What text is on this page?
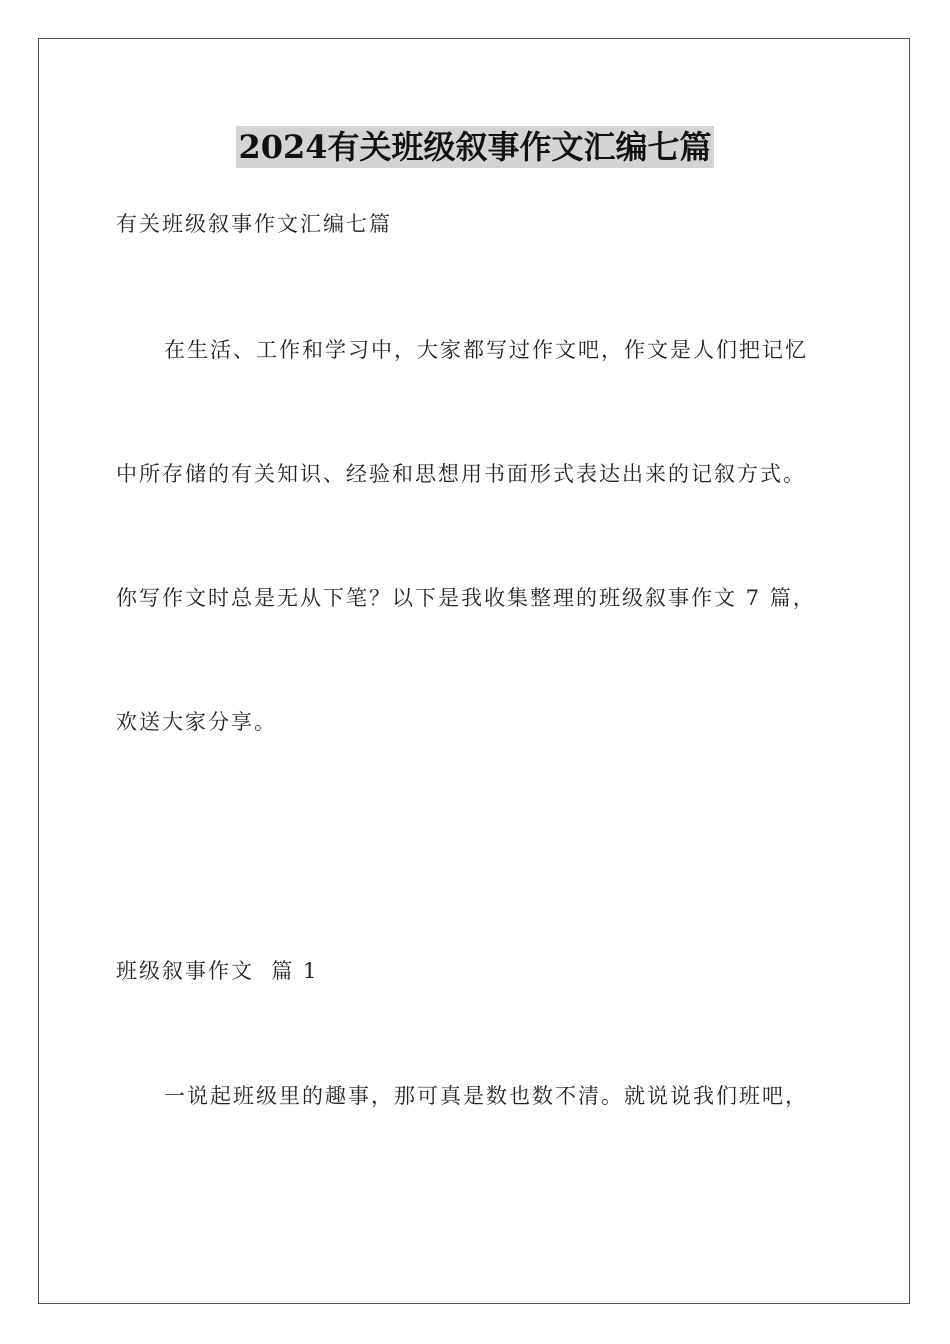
2024有关班级叙事作文汇编七篇
有关班级叙事作文汇编七篇
在生活、工作和学习中，大家都写过作文吧，作文是人们把记忆
中所存储的有关知识、经验和思想用书面形式表达出来的记叙方式。
你写作文时总是无从下笔？以下是我收集整理的班级叙事作文 7 篇，
欢送大家分享。
班级叙事作文  篇 1
一说起班级里的趣事，那可真是数也数不清。就说说我们班吧，
